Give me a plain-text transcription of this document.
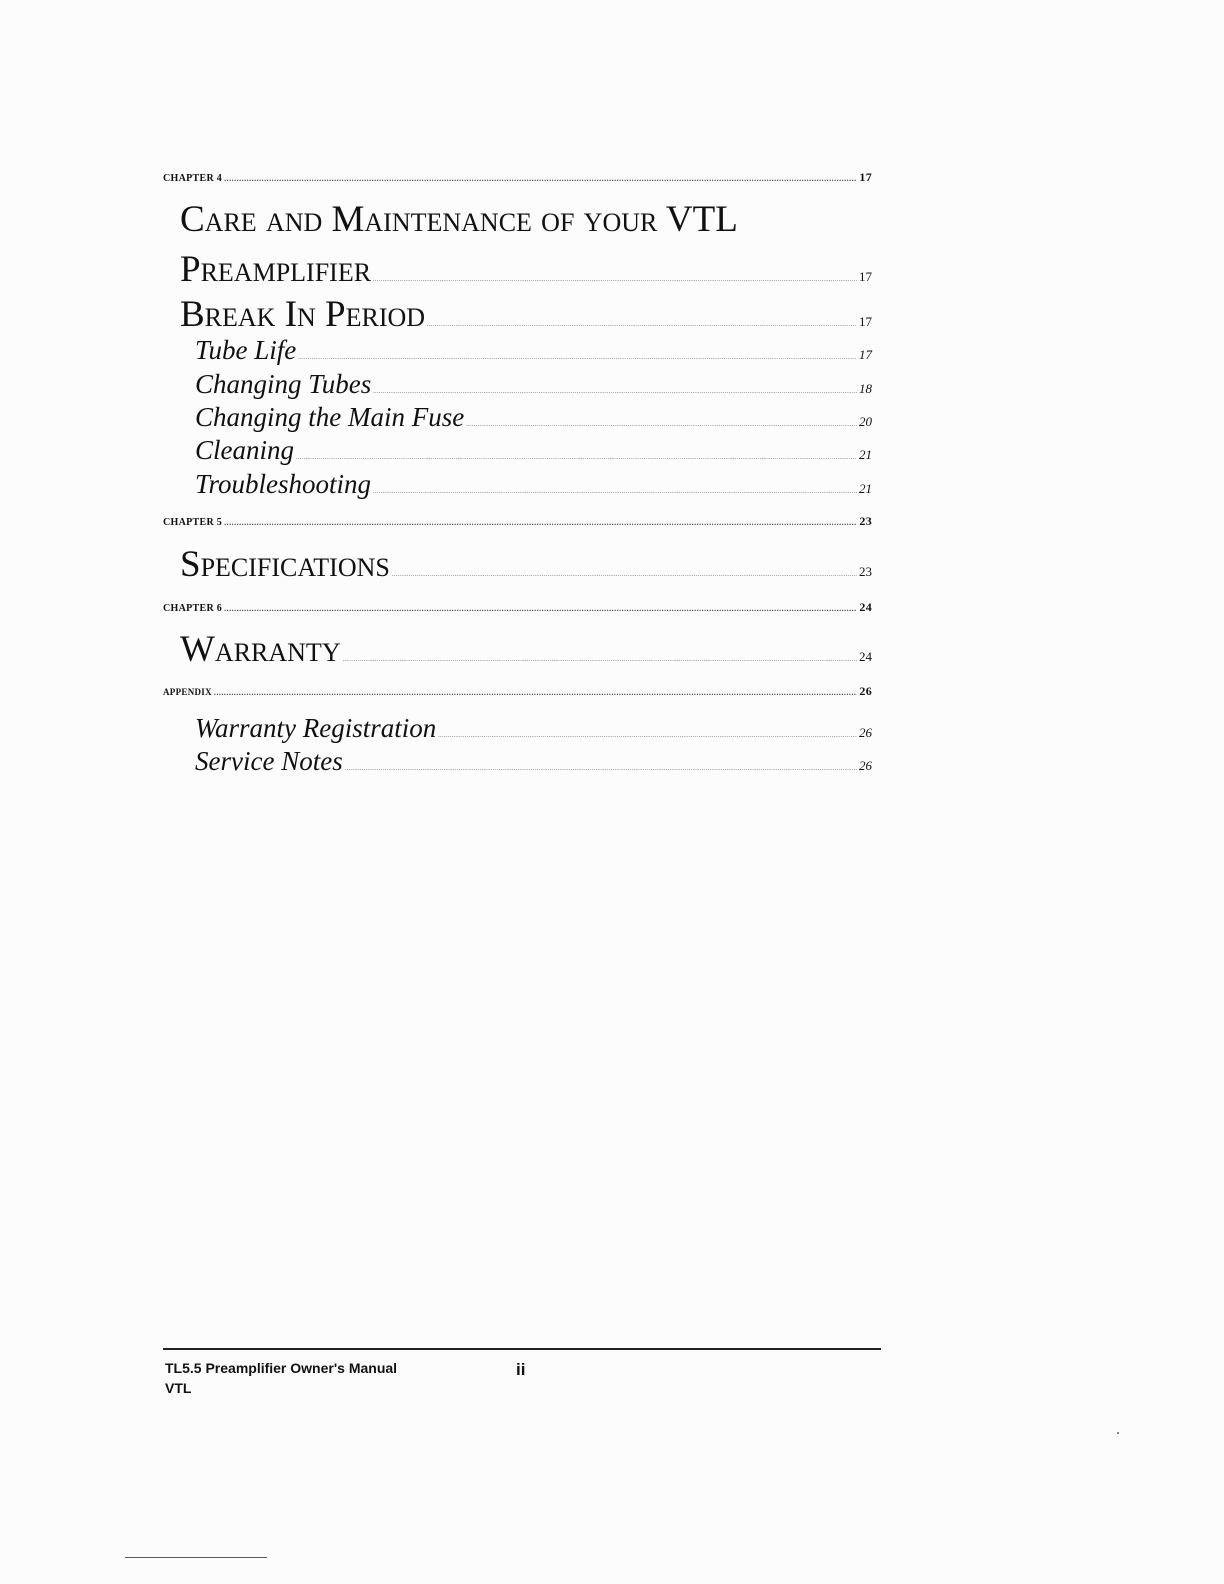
CHAPTER 4 .....	17
Care and Maintenance of your VTL
Preamplifier .....	17
Break In Period .....	17
Tube Life .....	17
Changing Tubes .....	18
Changing the Main Fuse .....	20
Cleaning .....	21
Troubleshooting .....	21
CHAPTER 5 .....	23
Specifications .....	23
CHAPTER 6 .....	24
Warranty .....	24
APPENDIX .....	26
Warranty Registration .....	26
Service Notes .....	26
TL5.5 Preamplifier Owner's Manual
VTL
ii
